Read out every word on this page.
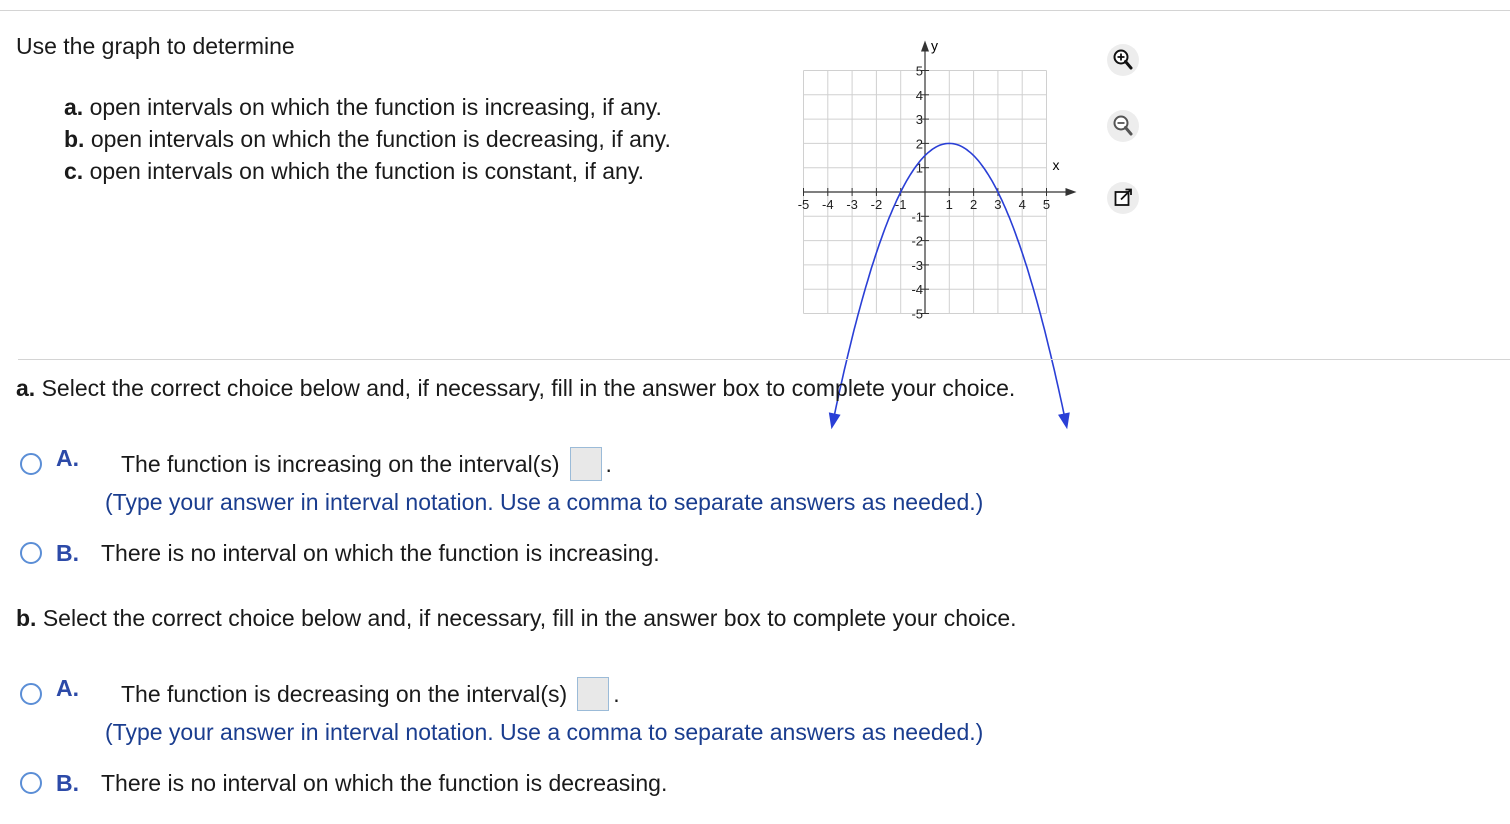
Use the graph to determine
a. open intervals on which the function is increasing, if any.
b. open intervals on which the function is decreasing, if any.
c. open intervals on which the function is constant, if any.
-5 -4 -3 -2 -1	1 2 3 4 5
5
4
3
2
1
-1
-2
-3
-4
-5
x
y
a. Select the correct choice below and, if necessary, fill in the answer box to complete your choice.
A.	The function is increasing on the interval(s) .
(Type your answer in interval notation. Use a comma to separate answers as needed.)
B. There is no interval on which the function is increasing.
b. Select the correct choice below and, if necessary, fill in the answer box to complete your choice.
A.	The function is decreasing on the interval(s) .
(Type your answer in interval notation. Use a comma to separate answers as needed.)
B. There is no interval on which the function is decreasing.
